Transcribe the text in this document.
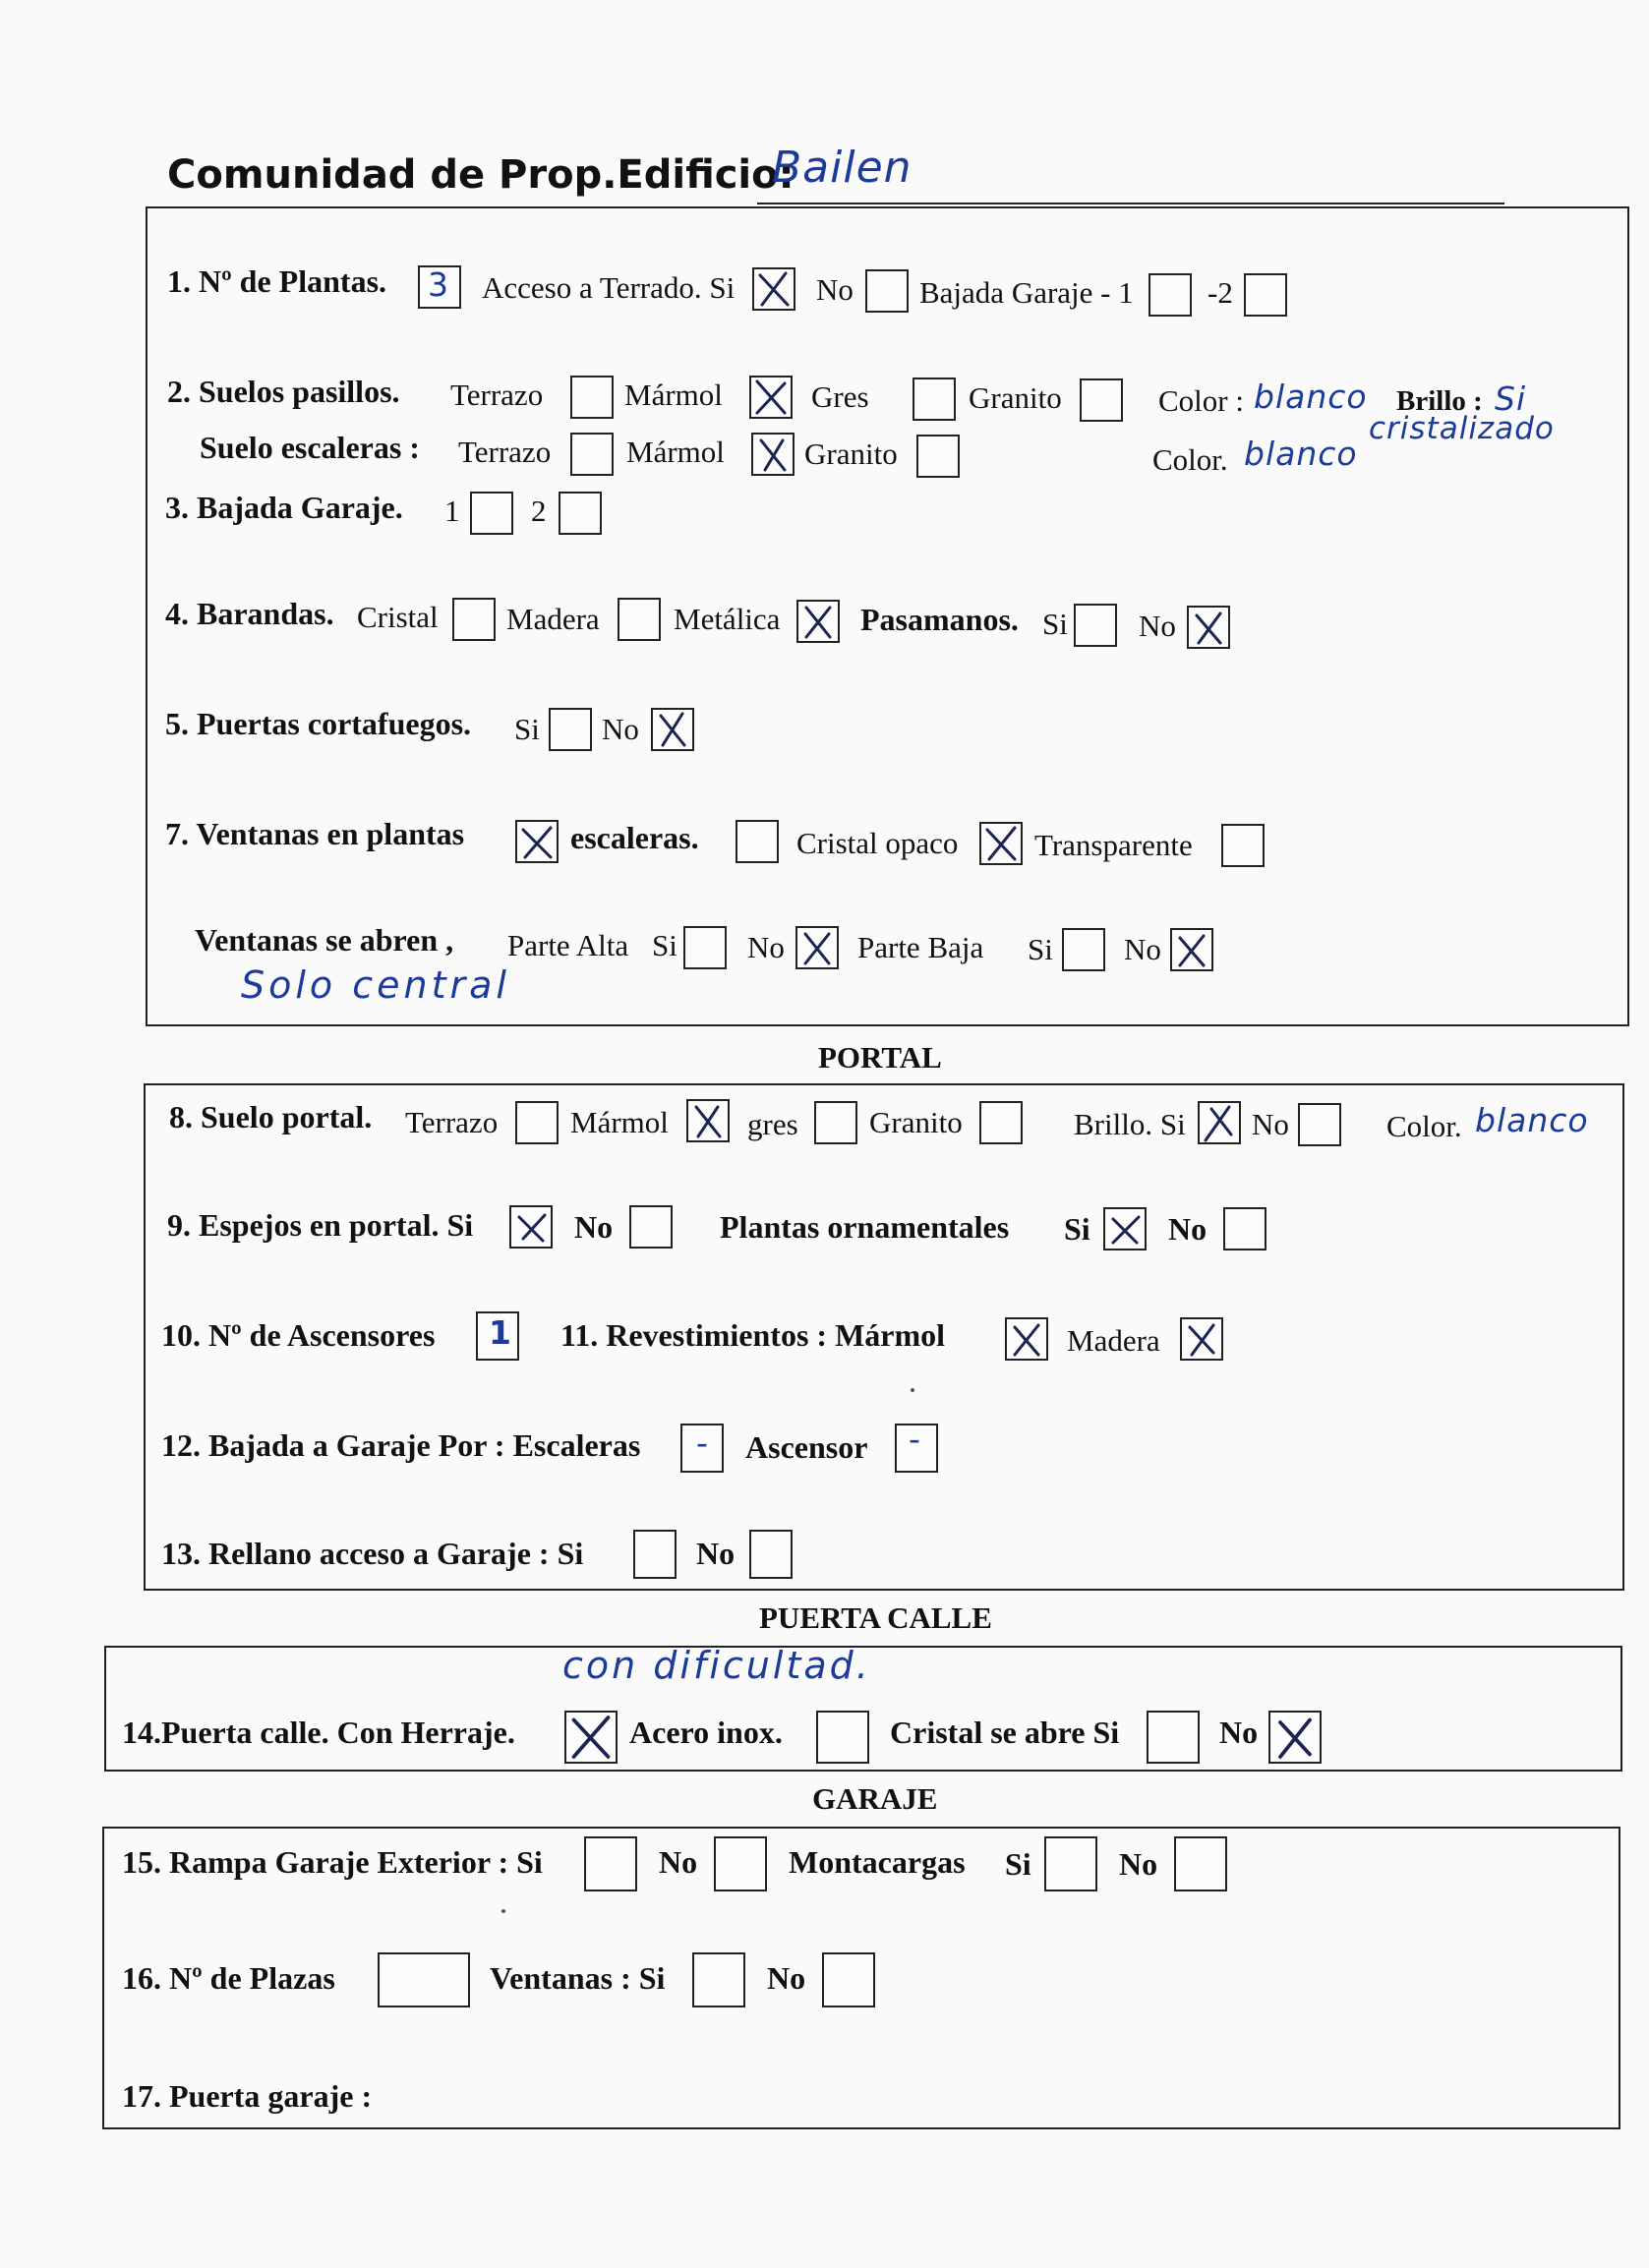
Comunidad de Prop.Edificio:
Bailen
1. Nº de Plantas. 3 Acceso a Terrado. Si	No Bajada Garaje - 1 -2
2. Suelos pasillos. Terrazo	Mármol	Gres	Granito	Color : blanco Brillo : Si
cristalizado
Suelo escaleras : Terrazo Mármol	Granito	Color. blanco
3. Bajada Garaje. 1 2
4. Barandas. Cristal Madera Metálica	Pasamanos. Si No
5. Puertas cortafuegos. Si No
7. Ventanas en plantas	escaleras.	Cristal opaco	Transparente
Ventanas se abren , Parte Alta Si No Parte Baja Si No
Solo central
PORTAL
8. Suelo portal. Terrazo Mármol	gres Granito	Brillo. Si No	Color. blanco
9. Espejos en portal. Si	No	Plantas ornamentales Si No
10. Nº de Ascensores 1 11. Revestimientos : Mármol	Madera
12. Bajada a Garaje Por : Escaleras - Ascensor -
13. Rellano acceso a Garaje : Si	No
PUERTA CALLE
con dificultad.
14.Puerta calle. Con Herraje.	Acero inox.	Cristal se abre Si	No
GARAJE
15. Rampa Garaje Exterior : Si	No	Montacargas Si	No
16. Nº de Plazas	Ventanas : Si	No
17. Puerta garaje :
